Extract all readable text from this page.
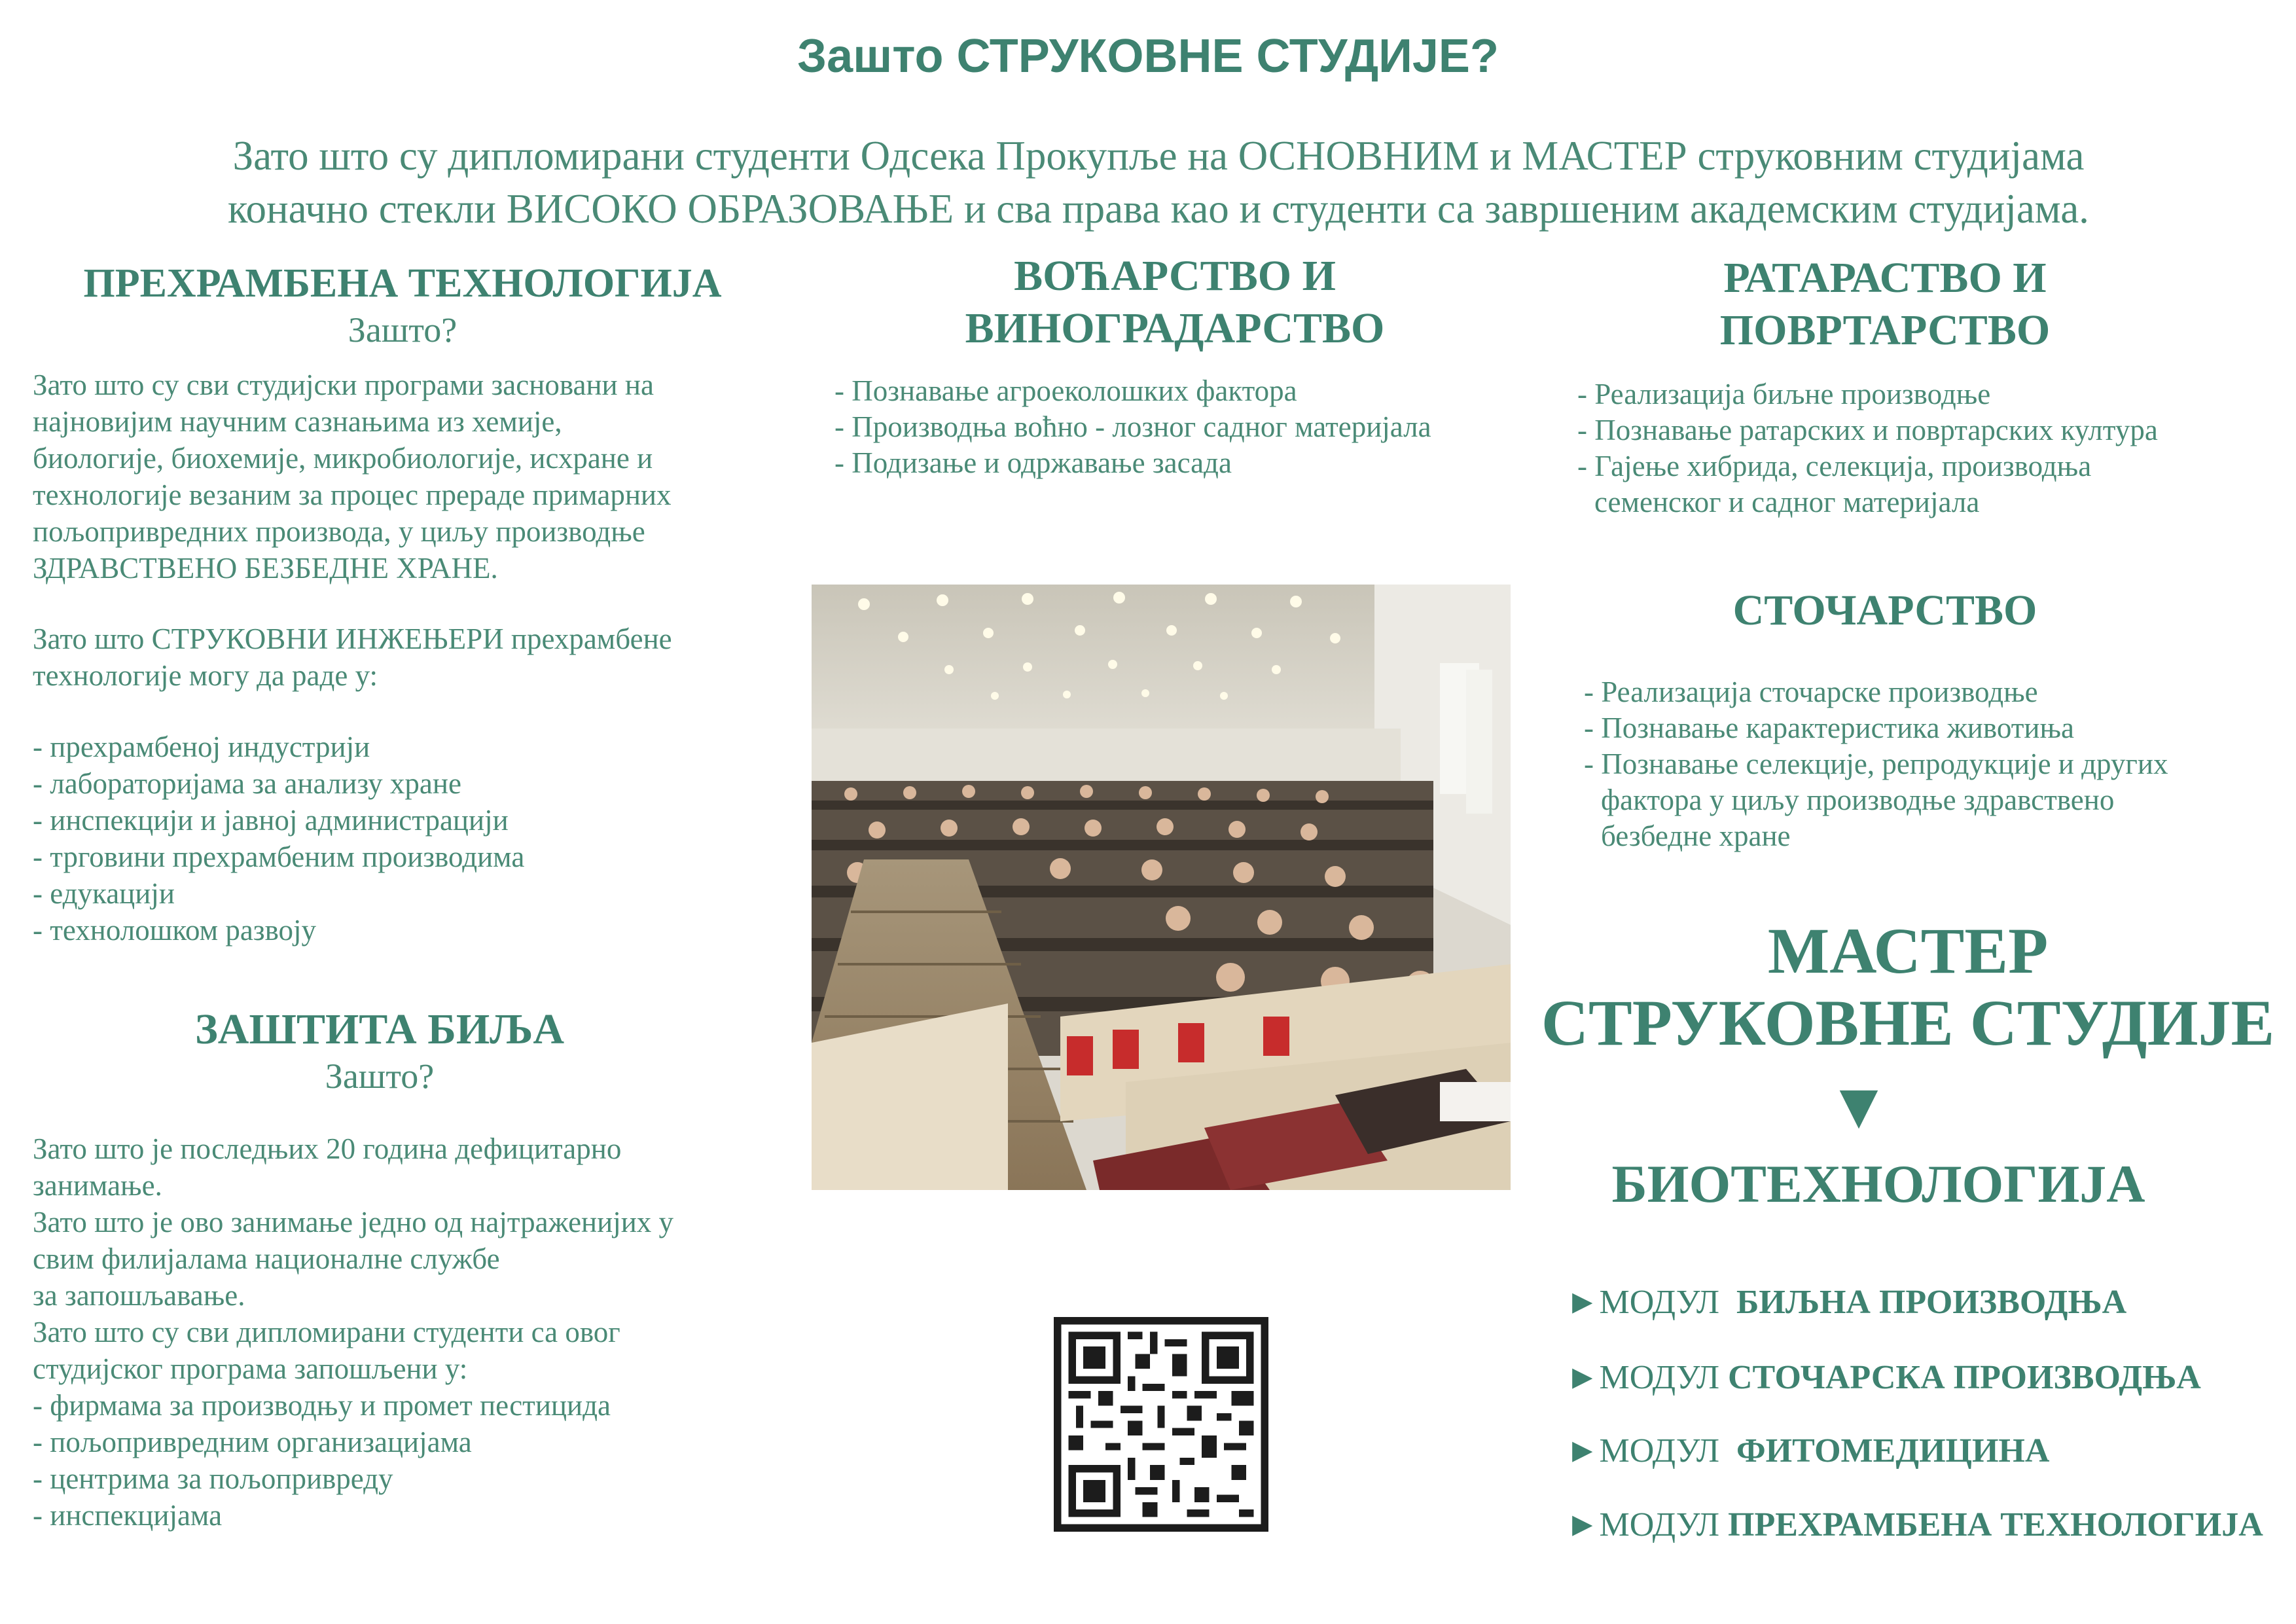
Зашто СТРУКОВНЕ СТУДИЈЕ?
Зато што су дипломирани студенти Одсека Прокупље на ОСНОВНИМ и МАСТЕР струковним студијама
коначно стекли ВИСОКО ОБРАЗОВАЊЕ и сва права као и студенти са завршеним академским студијама.
ПРЕХРАМБЕНА ТЕХНОЛОГИЈА
Зашто?
Зато што су сви студијски програми засновани на
најновијим научним сазнањима из хемије,
биологије, биохемије, микробиологије, исхране и
технологије везаним за процес прераде примарних
пољопривредних производа, у циљу производње
ЗДРАВСТВЕНО БЕЗБЕДНЕ ХРАНЕ.
Зато што СТРУКОВНИ ИНЖЕЊЕРИ прехрамбене
технологије могу да раде у:
- прехрамбеној индустрији
- лабораторијама за анализу хране
- инспекцији и јавној администрацији
- трговини прехрамбеним производима
- едукацији
- технолошком развоју
ЗАШТИТА БИЉА
Зашто?
Зато што је последњих 20 година дефицитарно
занимање.
Зато што је ово занимање једно од најтраженијих у
свим филијалама националне службе
за запошљавање.
Зато што су сви дипломирани студенти са овог
студијског програма запошљени у:
- фирмама за производњу и промет пестицида
- пољопривредним организацијама
- центрима за пољопривреду
- инспекцијама
ВОЋАРСТВО И
ВИНОГРАДАРСТВО
- Познавање агроеколошких фактора
- Производња воћно - лозног садног материјала
- Подизање и одржавање засада
РАТАРАСТВО И
ПОВРТАРСТВО
- Реализација биљне производње
- Познавање ратарских и повртарских култура
- Гајење хибрида, селекција, производња
семенског и садног материјала
СТОЧАРСТВО
- Реализација сточарске производње
- Познавање карактеристика животиња
- Познавање селекције, репродукције и других
фактора у циљу производње здравствено
безбедне хране
МАСТЕР
СТРУКОВНЕ СТУДИЈЕ
▼
БИОТЕХНОЛОГИЈА
►МОДУЛ БИЉНА ПРОИЗВОДЊА
►МОДУЛ СТОЧАРСКА ПРОИЗВОДЊА
►МОДУЛ ФИТОМЕДИЦИНА
►МОДУЛ ПРЕХРАМБЕНА ТЕХНОЛОГИЈА
